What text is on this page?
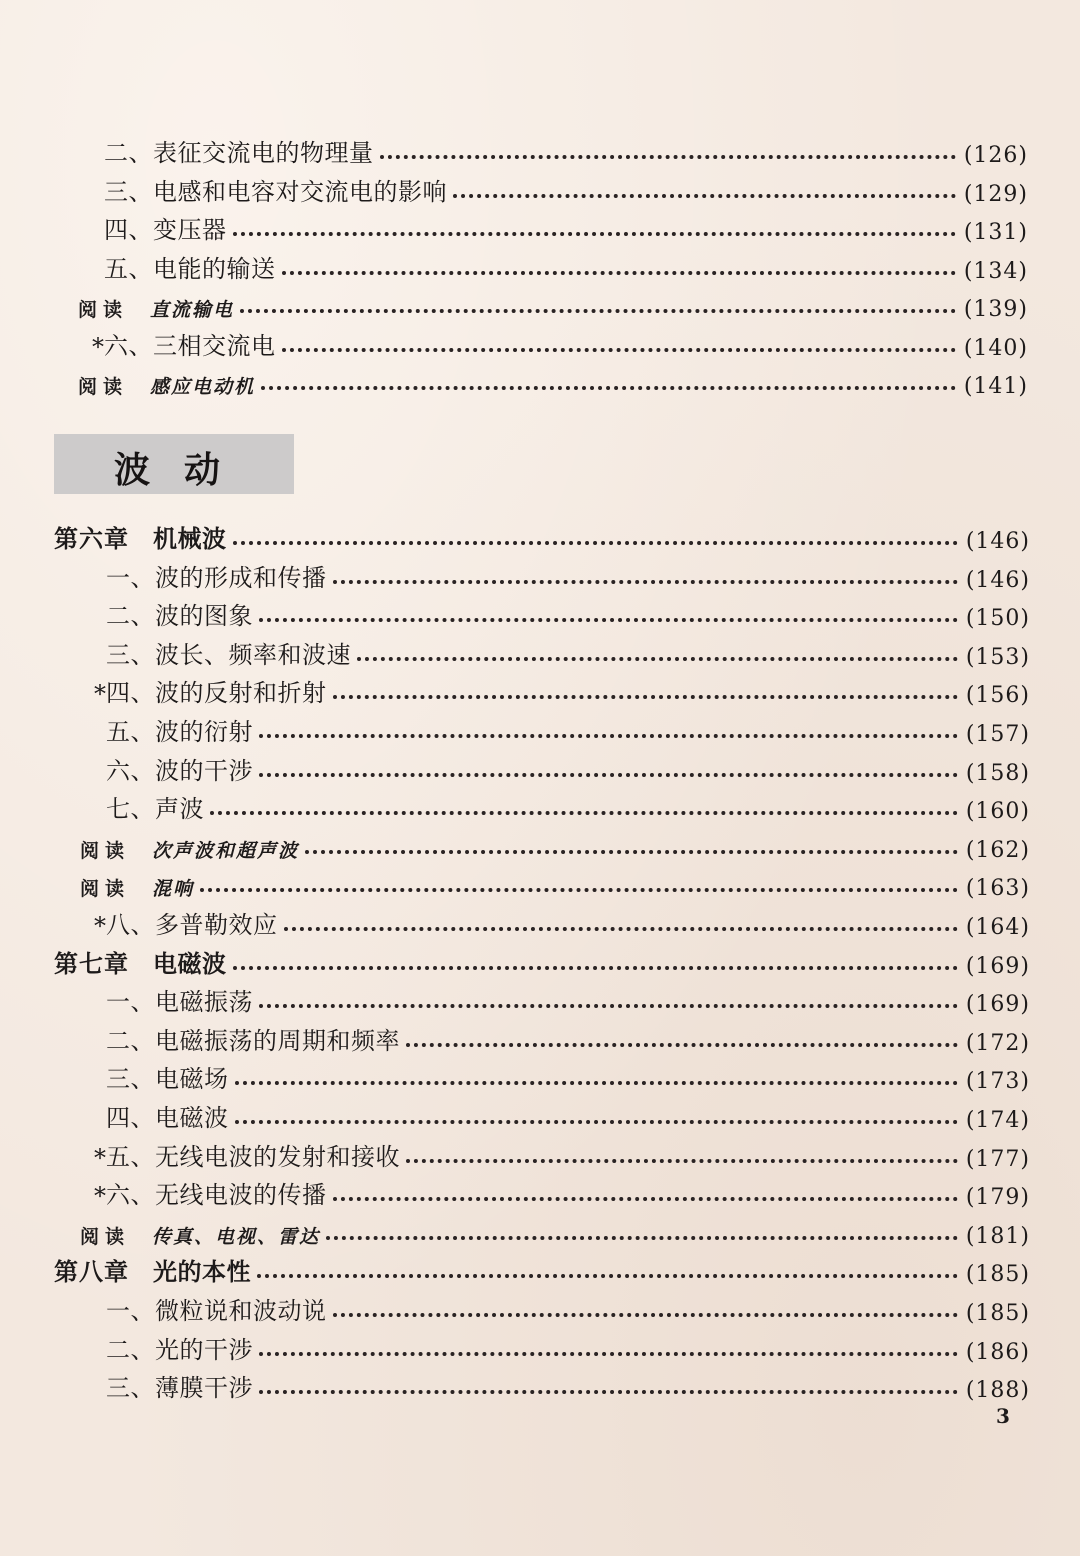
二、表征交流电的物理量	(126)
三、电感和电容对交流电的影响	(129)
四、变压器	(131)
五、电能的输送	(134)
阅读 直流输电	(139)
* 六、三相交流电	(140)
阅读 感应电动机	(141)
波动
第六章 机械波	(146)
一、波的形成和传播	(146)
二、波的图象	(150)
三、波长、频率和波速	(153)
* 四、波的反射和折射	(156)
五、波的衍射	(157)
六、波的干涉	(158)
七、声波	(160)
阅读 次声波和超声波	(162)
阅读 混响	(163)
* 八、多普勒效应	(164)
第七章 电磁波	(169)
一、电磁振荡	(169)
二、电磁振荡的周期和频率	(172)
三、电磁场	(173)
四、电磁波	(174)
* 五、无线电波的发射和接收	(177)
* 六、无线电波的传播	(179)
阅读 传真、电视、雷达	(181)
第八章 光的本性	(185)
一、微粒说和波动说	(185)
二、光的干涉	(186)
三、薄膜干涉	(188)
3
